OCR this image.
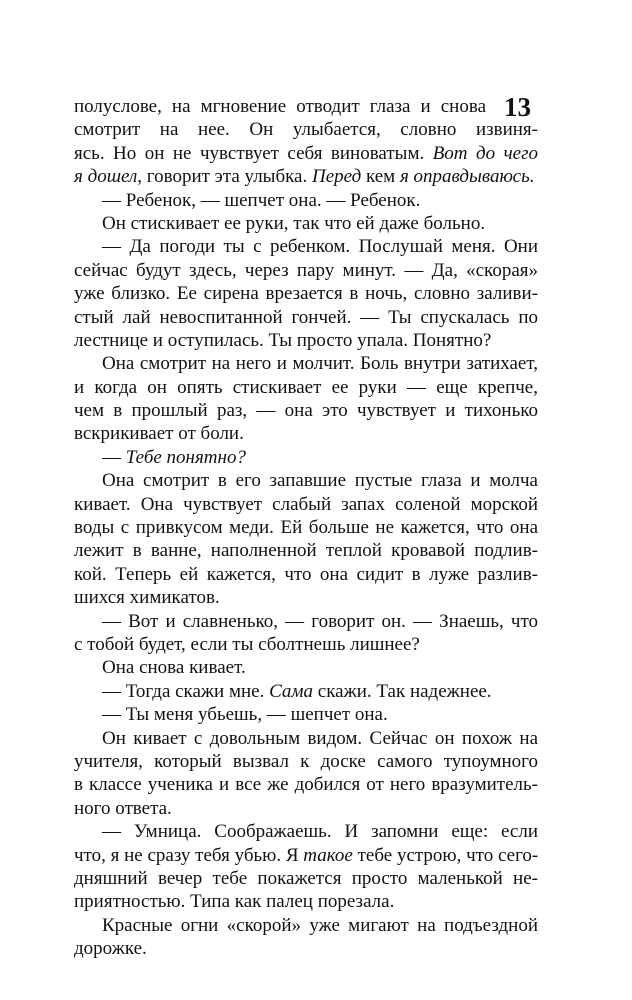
13
полуслове, на мгновение отводит глаза и снова
смотрит на нее. Он улыбается, словно извиня-
ясь. Но он не чувствует себя виноватым. Вот до чего
я дошел, говорит эта улыбка. Перед кем я оправдываюсь.
— Ребенок, — шепчет она. — Ребенок.
Он стискивает ее руки, так что ей даже больно.
— Да погоди ты с ребенком. Послушай меня. Они
сейчас будут здесь, через пару минут. — Да, «скорая»
уже близко. Ее сирена врезается в ночь, словно заливи-
стый лай невоспитанной гончей. — Ты спускалась по
лестнице и оступилась. Ты просто упала. Понятно?
Она смотрит на него и молчит. Боль внутри затихает,
и когда он опять стискивает ее руки — еще крепче,
чем в прошлый раз, — она это чувствует и тихонько
вскрикивает от боли.
— Тебе понятно?
Она смотрит в его запавшие пустые глаза и молча
кивает. Она чувствует слабый запах соленой морской
воды с привкусом меди. Ей больше не кажется, что она
лежит в ванне, наполненной теплой кровавой подлив-
кой. Теперь ей кажется, что она сидит в луже разлив-
шихся химикатов.
— Вот и славненько, — говорит он. — Знаешь, что
с тобой будет, если ты сболтнешь лишнее?
Она снова кивает.
— Тогда скажи мне. Сама скажи. Так надежнее.
— Ты меня убьешь, — шепчет она.
Он кивает с довольным видом. Сейчас он похож на
учителя, который вызвал к доске самого тупоумного
в классе ученика и все же добился от него вразумитель-
ного ответа.
— Умница. Соображаешь. И запомни еще: если
что, я не сразу тебя убью. Я такое тебе устрою, что сего-
дняшний вечер тебе покажется просто маленькой не-
приятностью. Типа как палец порезала.
Красные огни «скорой» уже мигают на подъездной
дорожке.
